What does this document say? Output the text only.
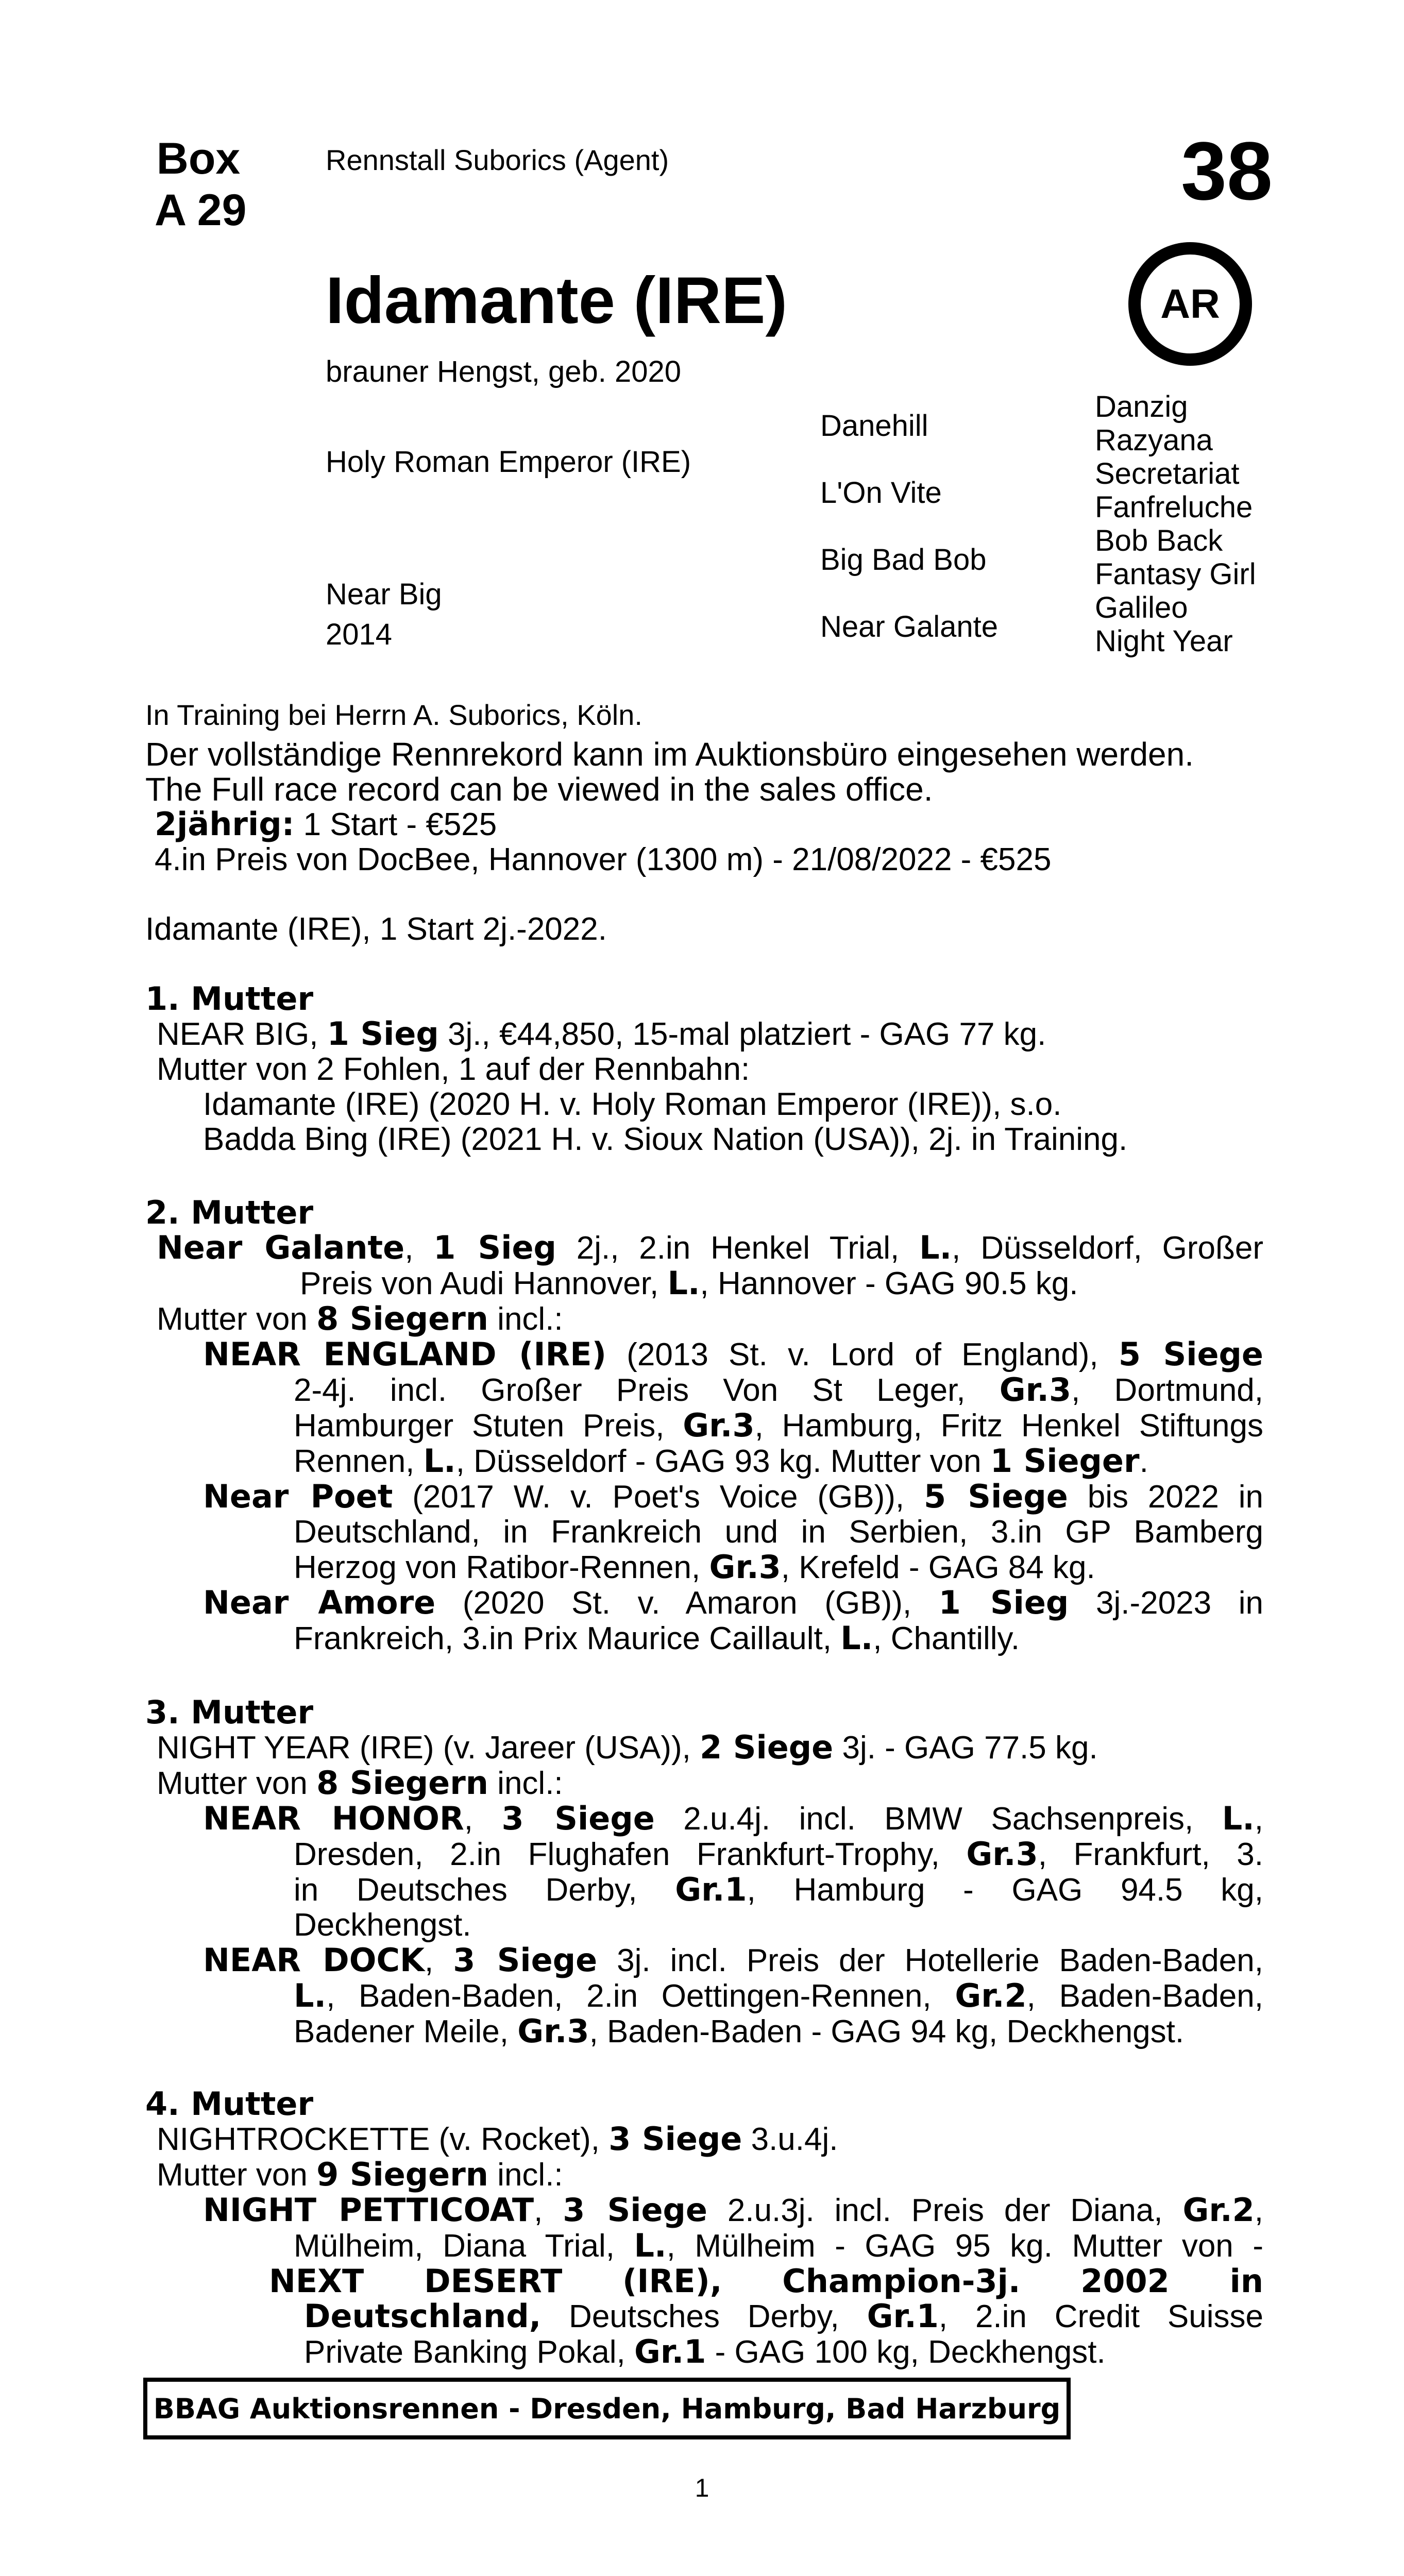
Box
A 29
Rennstall Suborics (Agent)	38
AR
Idamante (IRE)
brauner Hengst, geb. 2020
Holy Roman Emperor (IRE)
Near Big
2014
Danehill
L'On Vite
Big Bad Bob
Near Galante
Danzig
Razyana
Secretariat
Fanfreluche
Bob Back
Fantasy Girl
Galileo
Night Year
In Training bei Herrn A. Suborics, Köln.
Der vollständige Rennrekord kann im Auktionsbüro eingesehen werden.
The Full race record can be viewed in the sales office.
2jährig: 1 Start - €525
4.in Preis von DocBee, Hannover (1300 m) - 21/08/2022 - €525
Idamante (IRE), 1 Start 2j.-2022.
1. Mutter
NEAR BIG, 1 Sieg 3j., €44,850, 15-mal platziert - GAG 77 kg.
Mutter von 2 Fohlen, 1 auf der Rennbahn:
Idamante (IRE) (2020 H. v. Holy Roman Emperor (IRE)), s.o.
Badda Bing (IRE) (2021 H. v. Sioux Nation (USA)), 2j. in Training.
2. Mutter
Near Galante, 1 Sieg 2j., 2.in Henkel Trial, L., Düsseldorf, Großer
Preis von Audi Hannover, L., Hannover - GAG 90.5 kg.
Mutter von 8 Siegern incl.:
NEAR ENGLAND (IRE) (2013 St. v. Lord of England), 5 Siege
2-4j. incl. Großer Preis Von St Leger, Gr.3, Dortmund,
Hamburger Stuten Preis, Gr.3, Hamburg, Fritz Henkel Stiftungs
Rennen, L., Düsseldorf - GAG 93 kg. Mutter von 1 Sieger.
Near Poet (2017 W. v. Poet's Voice (GB)), 5 Siege bis 2022 in
Deutschland, in Frankreich und in Serbien, 3.in GP Bamberg
Herzog von Ratibor-Rennen, Gr.3, Krefeld - GAG 84 kg.
Near Amore (2020 St. v. Amaron (GB)), 1 Sieg 3j.-2023 in
Frankreich, 3.in Prix Maurice Caillault, L., Chantilly.
3. Mutter
NIGHT YEAR (IRE) (v. Jareer (USA)), 2 Siege 3j. - GAG 77.5 kg.
Mutter von 8 Siegern incl.:
NEAR HONOR, 3 Siege 2.u.4j. incl. BMW Sachsenpreis, L.,
Dresden, 2.in Flughafen Frankfurt-Trophy, Gr.3, Frankfurt, 3.
in Deutsches Derby, Gr.1, Hamburg - GAG 94.5 kg,
Deckhengst.
NEAR DOCK, 3 Siege 3j. incl. Preis der Hotellerie Baden-Baden,
L., Baden-Baden, 2.in Oettingen-Rennen, Gr.2, Baden-Baden,
Badener Meile, Gr.3, Baden-Baden - GAG 94 kg, Deckhengst.
4. Mutter
NIGHTROCKETTE (v. Rocket), 3 Siege 3.u.4j.
Mutter von 9 Siegern incl.:
NIGHT PETTICOAT, 3 Siege 2.u.3j. incl. Preis der Diana, Gr.2,
Mülheim, Diana Trial, L., Mülheim - GAG 95 kg. Mutter von -
NEXT DESERT (IRE), Champion-3j. 2002 in
Deutschland, Deutsches Derby, Gr.1, 2.in Credit Suisse
Private Banking Pokal, Gr.1 - GAG 100 kg, Deckhengst.
BBAG Auktionsrennen - Dresden, Hamburg, Bad Harzburg
1
